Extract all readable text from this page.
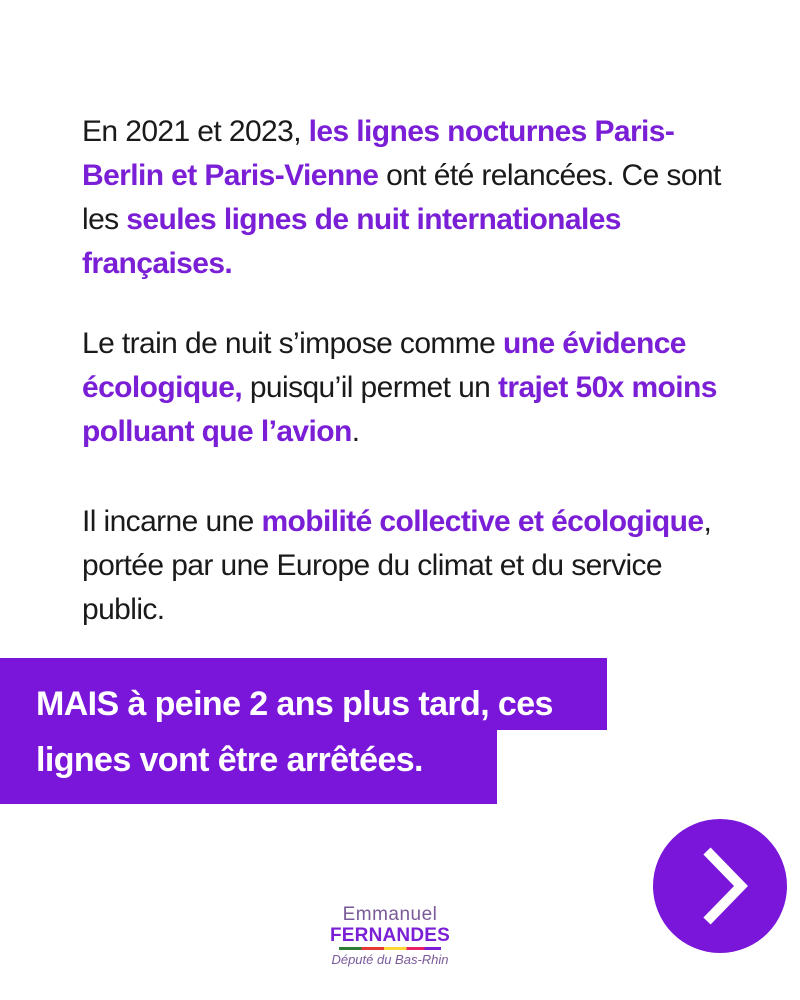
En 2021 et 2023, les lignes nocturnes Paris-
Berlin et Paris-Vienne ont été relancées. Ce sont
les seules lignes de nuit internationales
françaises.
Le train de nuit s’impose comme une évidence
écologique, puisqu’il permet un trajet 50x moins
polluant que l’avion.
Il incarne une mobilité collective et écologique,
portée par une Europe du climat et du service
public.
MAIS à peine 2 ans plus tard, ces
lignes vont être arrêtées.
Emmanuel
FERNANDES
Député du Bas-Rhin
